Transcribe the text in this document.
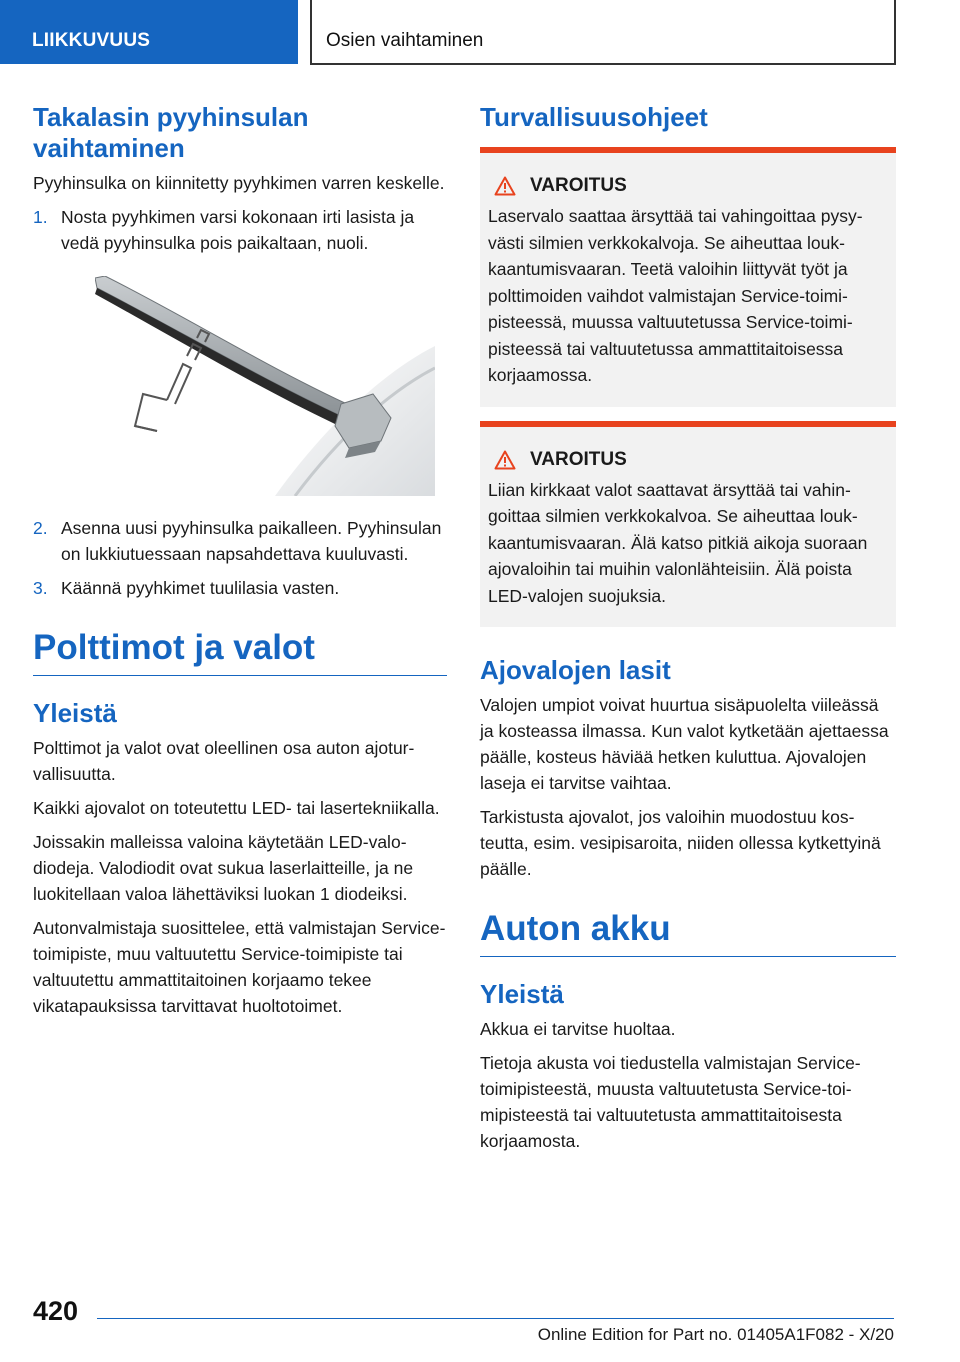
LIIKKUVUUS	Osien vaihtaminen
Takalasin pyyhinsulan vaihtaminen

Pyyhinsulka on kiinnitetty pyyhkimen varren keskelle.

1. Nosta pyyhkimen varsi kokonaan irti lasista ja vedä pyyhinsulka pois paikaltaan, nuoli.
2. Asenna uusi pyyhinsulka paikalleen. Pyyhinsulan on lukkiutuessaan napsahdettava kuuluvasti.
3. Käännä pyyhkimet tuulilasia vasten.
Polttimot ja valot
Yleistä

Polttimot ja valot ovat oleellinen osa auton ajoturvallisuutta.

Kaikki ajovalot on toteutettu LED- tai lasertekniikalla.

Joissakin malleissa valoina käytetään LED-valodiodeja. Valodiodit ovat sukua laserlaitteille, ja ne luokitellaan valoa lähettäviksi luokan 1 diodeiksi.

Autonvalmistaja suosittelee, että valmistajan Service-toimipiste, muu valtuutettu Service-toimipiste tai valtuutettu ammattitaitoinen korjaamo tekee vikatapauksissa tarvittavat huoltotoimet.

Turvallisuusohjeet
VAROITUS

Laservalo saattaa ärsyttää tai vahingoittaa pysyvästi silmien verkkokalvoja. Se aiheuttaa loukkaantumisvaaran. Teetä valoihin liittyvät työt ja polttimoiden vaihdot valmistajan Service-toimipisteessä, muussa valtuutetussa Service-toimipisteessä tai valtuutetussa ammattitaitoisessa korjaamossa.

VAROITUS

Liian kirkkaat valot saattavat ärsyttää tai vahingoittaa silmien verkkokalvoa. Se aiheuttaa loukkaantumisvaaran. Älä katso pitkiä aikoja suoraan ajovaloihin tai muihin valonlähteisiin. Älä poista LED-valojen suojuksia.

Ajovalojen lasit

Valojen umpiot voivat huurtua sisäpuolelta viileässä ja kosteassa ilmassa. Kun valot kytketään ajettaessa päälle, kosteus häviää hetken kuluttua. Ajovalojen laseja ei tarvitse vaihtaa.

Tarkistusta ajovalot, jos valoihin muodostuu kosteutta, esim. vesipisaroita, niiden ollessa kytkettyinä päälle.

Auton akku
Yleistä

Akkua ei tarvitse huoltaa.

Tietoja akusta voi tiedustella valmistajan Service-toimipisteestä, muusta valtuutetusta Service-toimipisteestä tai valtuutetusta ammattitaitoisesta korjaamosta.

420
Online Edition for Part no. 01405A1F082 - X/20
